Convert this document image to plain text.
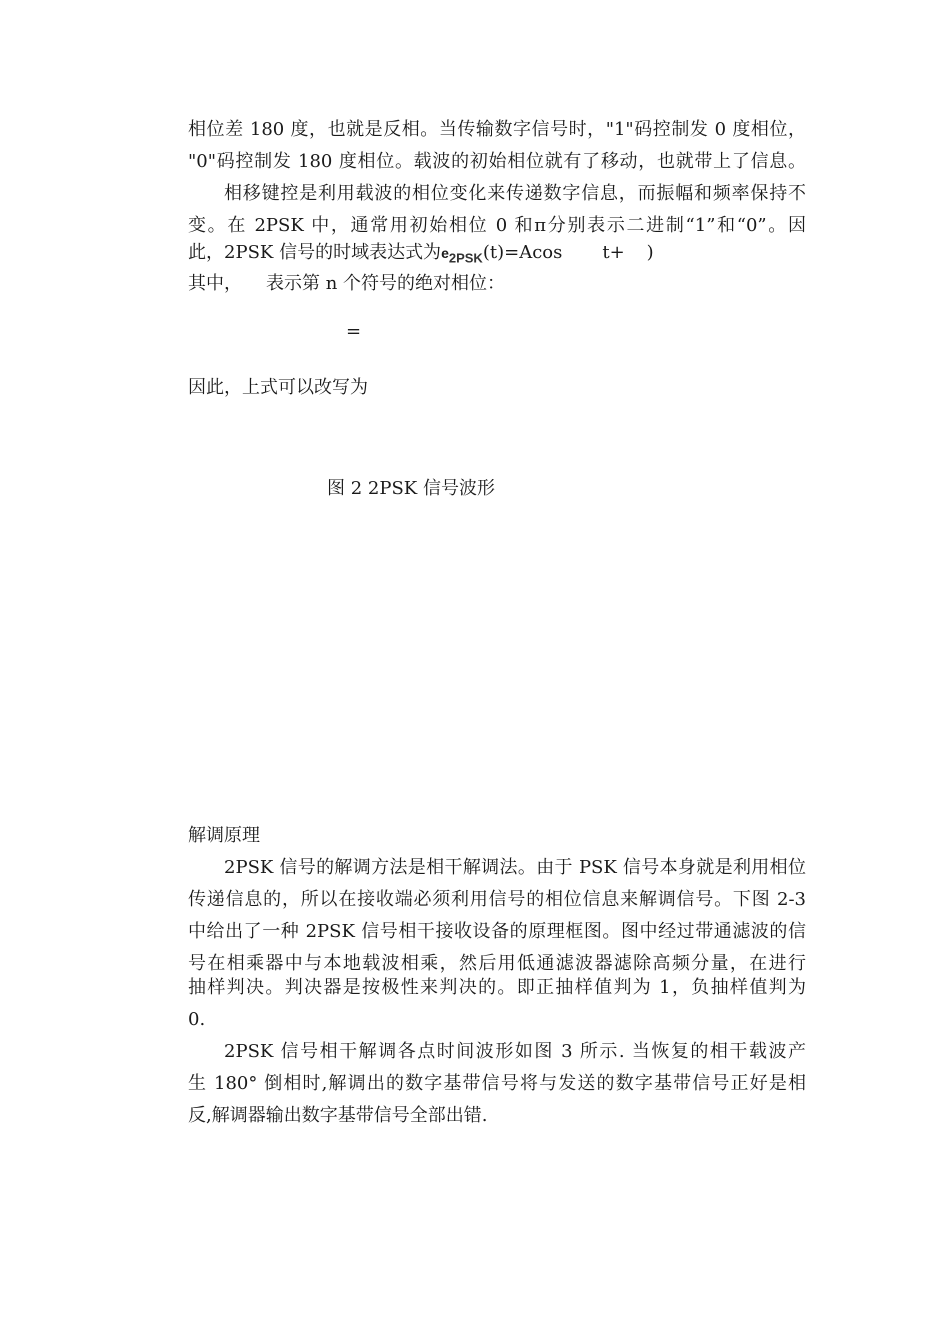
相位差 180 度，也就是反相。当传输数字信号时，"1"码控制发 0 度相位，
"0"码控制发 180 度相位。载波的初始相位就有了移动，也就带上了信息。
相移键控是利用载波的相位变化来传递数字信息，而振幅和频率保持不
变。在 2PSK 中，通常用初始相位 0 和π分别表示二进制“1”和“0”。因
此，2PSK 信号的时域表达式为$e_{2PSK}(t)=Acos$ t+ )
其中， 表示第 n 个符号的绝对相位：
=
因此，上式可以改写为
图 2 2PSK 信号波形
解调原理
2PSK 信号的解调方法是相干解调法。由于 PSK 信号本身就是利用相位
传递信息的，所以在接收端必须利用信号的相位信息来解调信号。下图 2-3
中给出了一种 2PSK 信号相干接收设备的原理框图。图中经过带通滤波的信
号在相乘器中与本地载波相乘，然后用低通滤波器滤除高频分量，在进行
抽样判决。判决器是按极性来判决的。即正抽样值判为 1，负抽样值判为
0.
2PSK 信号相干解调各点时间波形如图 3 所示. 当恢复的相干载波产
生 180° 倒相时,解调出的数字基带信号将与发送的数字基带信号正好是相
反,解调器输出数字基带信号全部出错.
